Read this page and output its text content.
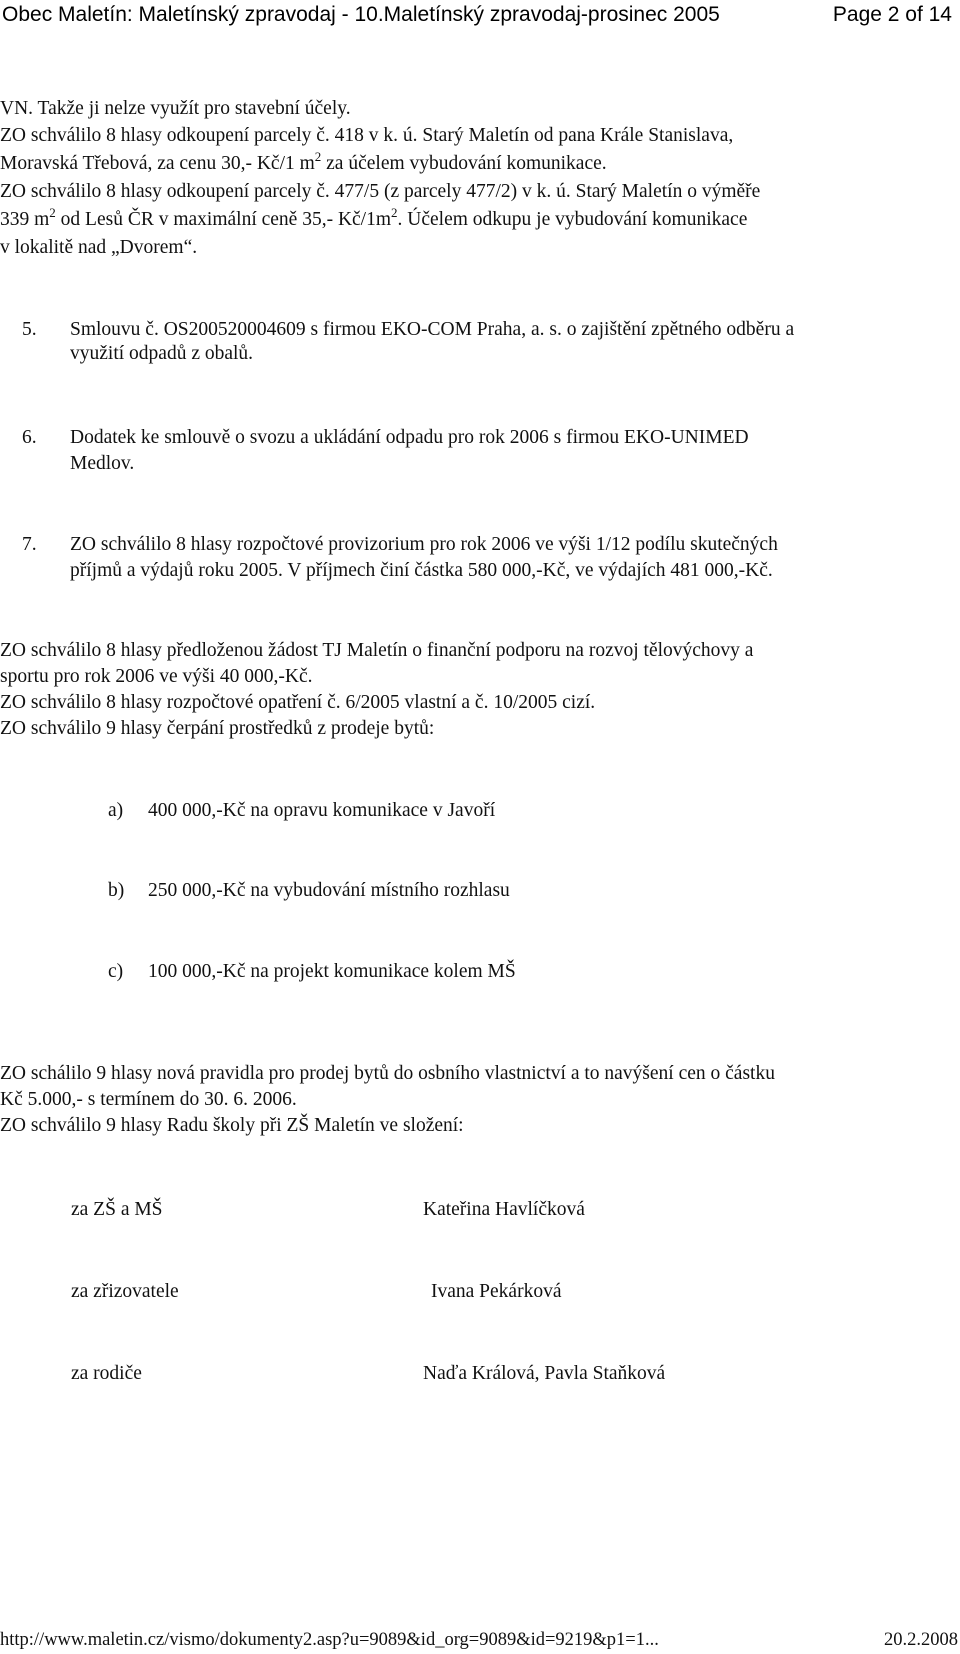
Obec Maletín: Maletínský zpravodaj - 10.Maletínský zpravodaj-prosinec 2005	Page 2 of 14
VN. Takže ji nelze využít pro stavební účely.
ZO schválilo 8 hlasy odkoupení parcely č. 418 v k. ú. Starý Maletín od pana Krále Stanislava,
Moravská Třebová, za cenu 30,- Kč/1 $m^2$ za účelem vybudování komunikace.
ZO schválilo 8 hlasy odkoupení parcely č. 477/5 (z parcely 477/2) v k. ú. Starý Maletín o výměře
339 $m^2$ od Lesů ČR v maximální ceně 35,- $Kč/1m^2$. Účelem odkupu je vybudování komunikace
v lokalitě nad „Dvorem“.
5. Smlouvu č. OS200520004609 s firmou EKO-COM Praha, a. s. o zajištění zpětného odběru a
využití odpadů z obalů.
6. Dodatek ke smlouvě o svozu a ukládání odpadu pro rok 2006 s firmou EKO-UNIMED
Medlov.
7. ZO schválilo 8 hlasy rozpočtové provizorium pro rok 2006 ve výši 1/12 podílu skutečných
příjmů a výdajů roku 2005. V příjmech činí částka 580 000,-Kč, ve výdajích 481 000,-Kč.
ZO schválilo 8 hlasy předloženou žádost TJ Maletín o finanční podporu na rozvoj tělovýchovy a
sportu pro rok 2006 ve výši 40 000,-Kč.
ZO schválilo 8 hlasy rozpočtové opatření č. 6/2005 vlastní a č. 10/2005 cizí.
ZO schválilo 9 hlasy čerpání prostředků z prodeje bytů:
a) 400 000,-Kč na opravu komunikace v Javoří
b) 250 000,-Kč na vybudování místního rozhlasu
c) 100 000,-Kč na projekt komunikace kolem MŠ
ZO schálilo 9 hlasy nová pravidla pro prodej bytů do osbního vlastnictví a to navýšení cen o částku
Kč 5.000,- s termínem do 30. 6. 2006.
ZO schválilo 9 hlasy Radu školy při ZŠ Maletín ve složení:
za ZŠ a MŠ	Kateřina Havlíčková
za zřizovatele	Ivana Pekárková
za rodiče	Naďa Králová, Pavla Staňková
http://www.maletin.cz/vismo/dokumenty2.asp?u=9089&id_org=9089&id=9219&p1=1...	20.2.2008
